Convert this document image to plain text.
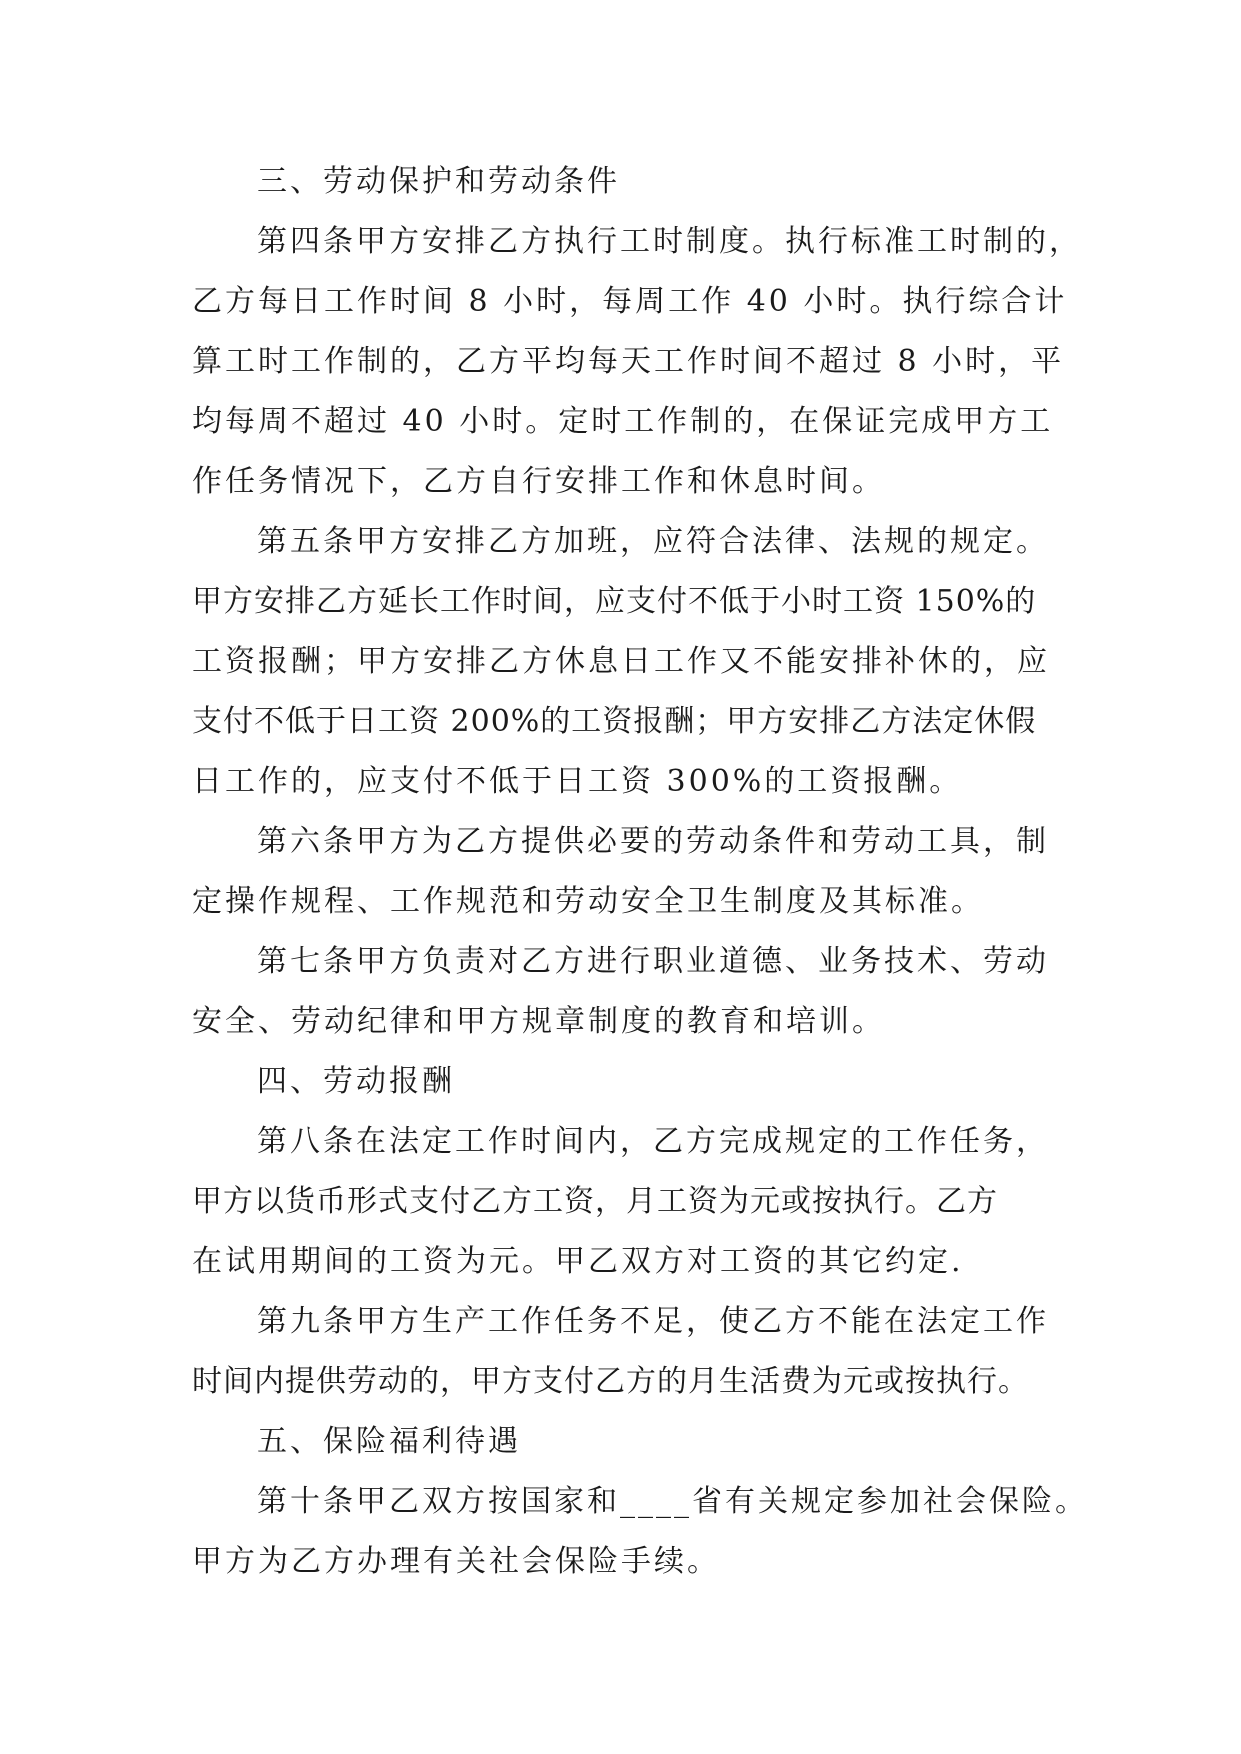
三、劳动保护和劳动条件
第四条甲方安排乙方执行工时制度。执行标准工时制的，
乙方每日工作时间 8 小时，每周工作 40 小时。执行综合计
算工时工作制的，乙方平均每天工作时间不超过 8 小时，平
均每周不超过 40 小时。定时工作制的，在保证完成甲方工
作任务情况下，乙方自行安排工作和休息时间。
第五条甲方安排乙方加班，应符合法律、法规的规定。
甲方安排乙方延长工作时间，应支付不低于小时工资 150%的
工资报酬；甲方安排乙方休息日工作又不能安排补休的，应
支付不低于日工资 200%的工资报酬；甲方安排乙方法定休假
日工作的，应支付不低于日工资 300%的工资报酬。
第六条甲方为乙方提供必要的劳动条件和劳动工具，制
定操作规程、工作规范和劳动安全卫生制度及其标准。
第七条甲方负责对乙方进行职业道德、业务技术、劳动
安全、劳动纪律和甲方规章制度的教育和培训。
四、劳动报酬
第八条在法定工作时间内，乙方完成规定的工作任务，
甲方以货币形式支付乙方工资，月工资为元或按执行。乙方
在试用期间的工资为元。甲乙双方对工资的其它约定.
第九条甲方生产工作任务不足，使乙方不能在法定工作
时间内提供劳动的，甲方支付乙方的月生活费为元或按执行。
五、保险福利待遇
第十条甲乙双方按国家和____省有关规定参加社会保险。
甲方为乙方办理有关社会保险手续。
